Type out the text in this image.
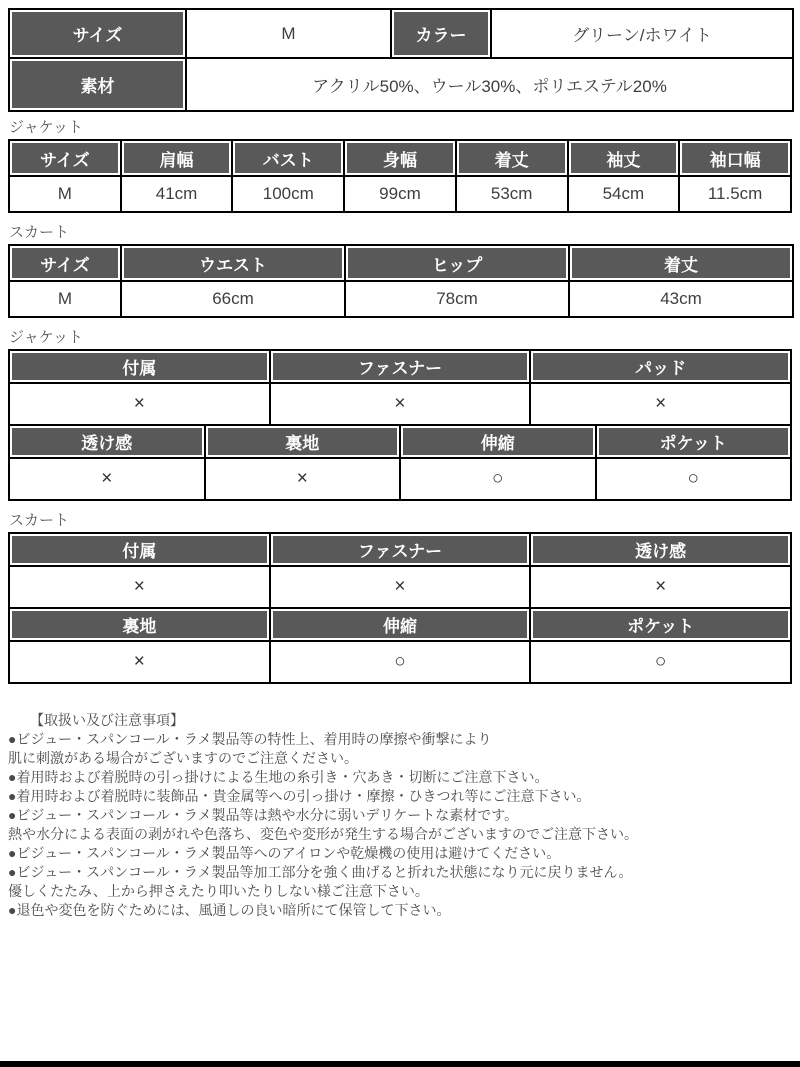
サイズ	M	カラー	グリーン/ホワイト
素材	アクリル50%、ウール30%、ポリエステル20%		
ジャケット
サイズ	肩幅	バスト	身幅	着丈	袖丈	袖口幅
M	41cm	100cm	99cm	53cm	54cm	11.5cm
スカート
サイズ	ウエスト	ヒップ	着丈
M	66cm	78cm	43cm
ジャケット
付属	ファスナー	パッド
×	×	×
透け感	裏地	伸縮	ポケット
×	×	○	○
スカート
付属	ファスナー	透け感
×	×	×
裏地	伸縮	ポケット
×	○	○
【取扱い及び注意事項】
●ビジュー・スパンコール・ラメ製品等の特性上、着用時の摩擦や衝撃により
肌に刺激がある場合がございますのでご注意ください。
●着用時および着脱時の引っ掛けによる生地の糸引き・穴あき・切断にご注意下さい。
●着用時および着脱時に装飾品・貴金属等への引っ掛け・摩擦・ひきつれ等にご注意下さい。
●ビジュー・スパンコール・ラメ製品等は熱や水分に弱いデリケートな素材です。
熱や水分による表面の剥がれや色落ち、変色や変形が発生する場合がございますのでご注意下さい。
●ビジュー・スパンコール・ラメ製品等へのアイロンや乾燥機の使用は避けてください。
●ビジュー・スパンコール・ラメ製品等加工部分を強く曲げると折れた状態になり元に戻りません。
優しくたたみ、上から押さえたり叩いたりしない様ご注意下さい。
●退色や変色を防ぐためには、風通しの良い暗所にて保管して下さい。
